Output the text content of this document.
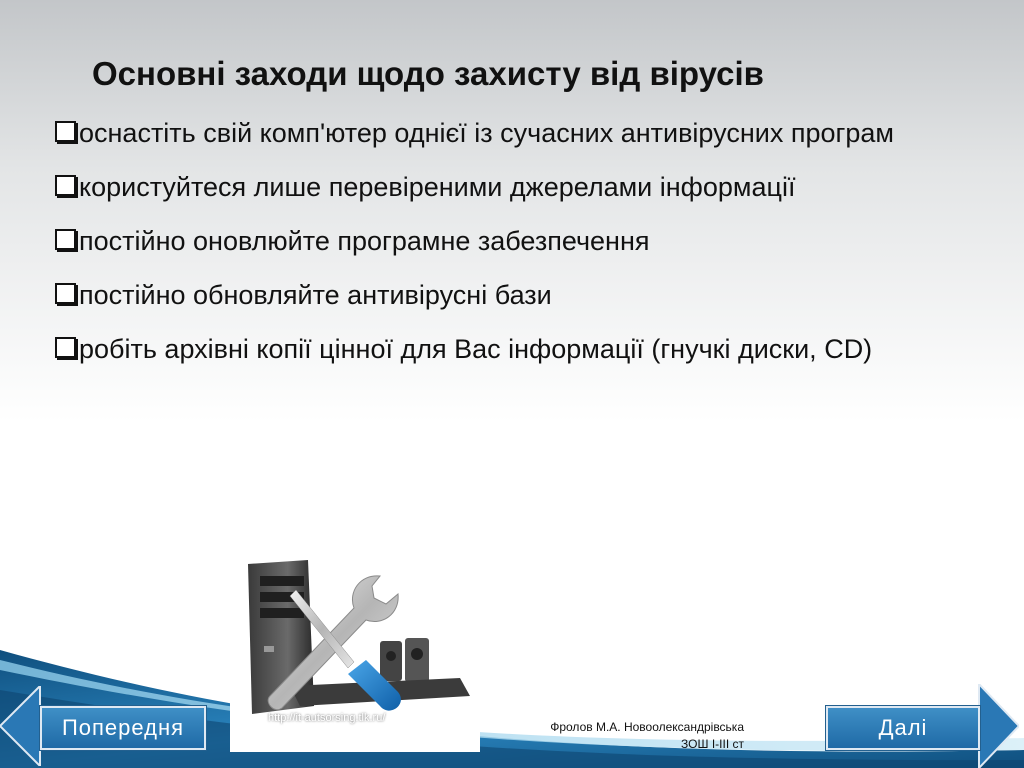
Основні заходи щодо захисту від вірусів
оснастіть свій комп'ютер однієї із сучасних антивірусних програм
користуйтеся лише перевіреними джерелами інформації
постійно оновлюйте програмне забезпечення
постійно обновляйте антивірусні бази
робіть архівні копії цінної для Вас інформації (гнучкі диски, CD)
http://it-autsorsing.tlk.ru/
Попередня	Далі
Фролов М.А. Новоолександрівська
ЗОШ І-ІІІ ст
